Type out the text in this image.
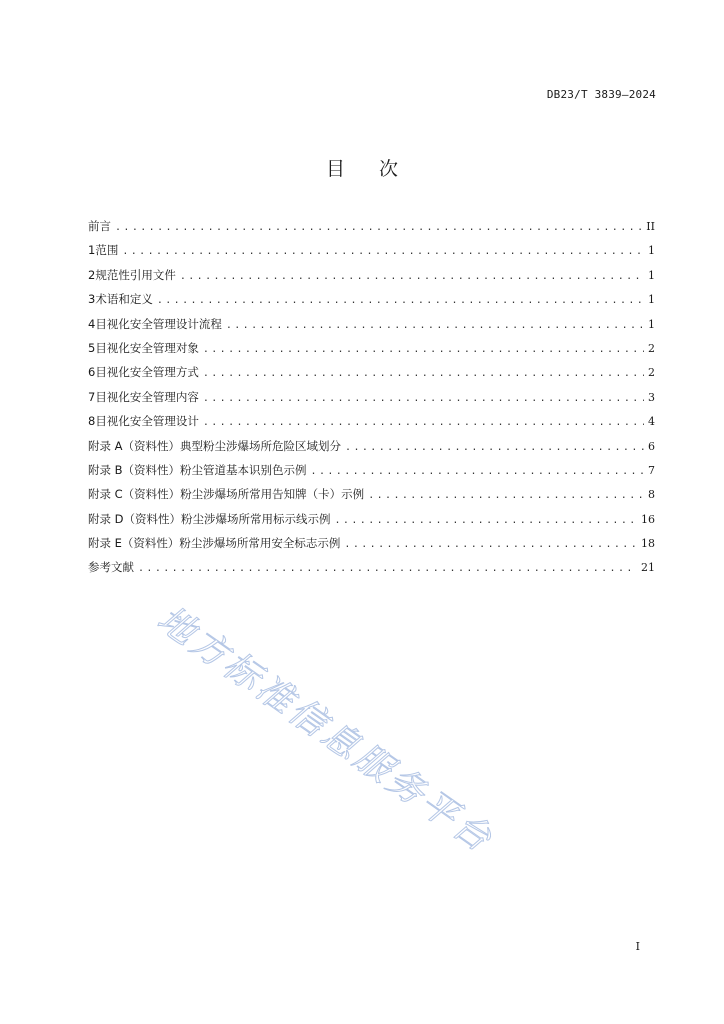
DB23/T 3839—2024
目次
前言 .....	II
1 范围 .....	1
2 规范性引用文件 .....	1
3 术语和定义 .....	1
4 目视化安全管理设计流程 .....	1
5 目视化安全管理对象 .....	2
6 目视化安全管理方式 .....	2
7 目视化安全管理内容 .....	3
8 目视化安全管理设计 .....	4
附录 A（资料性） 典型粉尘涉爆场所危险区域划分 .....	6
附录 B（资料性） 粉尘管道基本识别色示例 .....	7
附录 C（资料性） 粉尘涉爆场所常用告知牌（卡）示例 .....	8
附录 D（资料性） 粉尘涉爆场所常用标示线示例 .....	16
附录 E（资料性） 粉尘涉爆场所常用安全标志示例 .....	18
参考文献 .....	21
地方标准信息服务平台
I
